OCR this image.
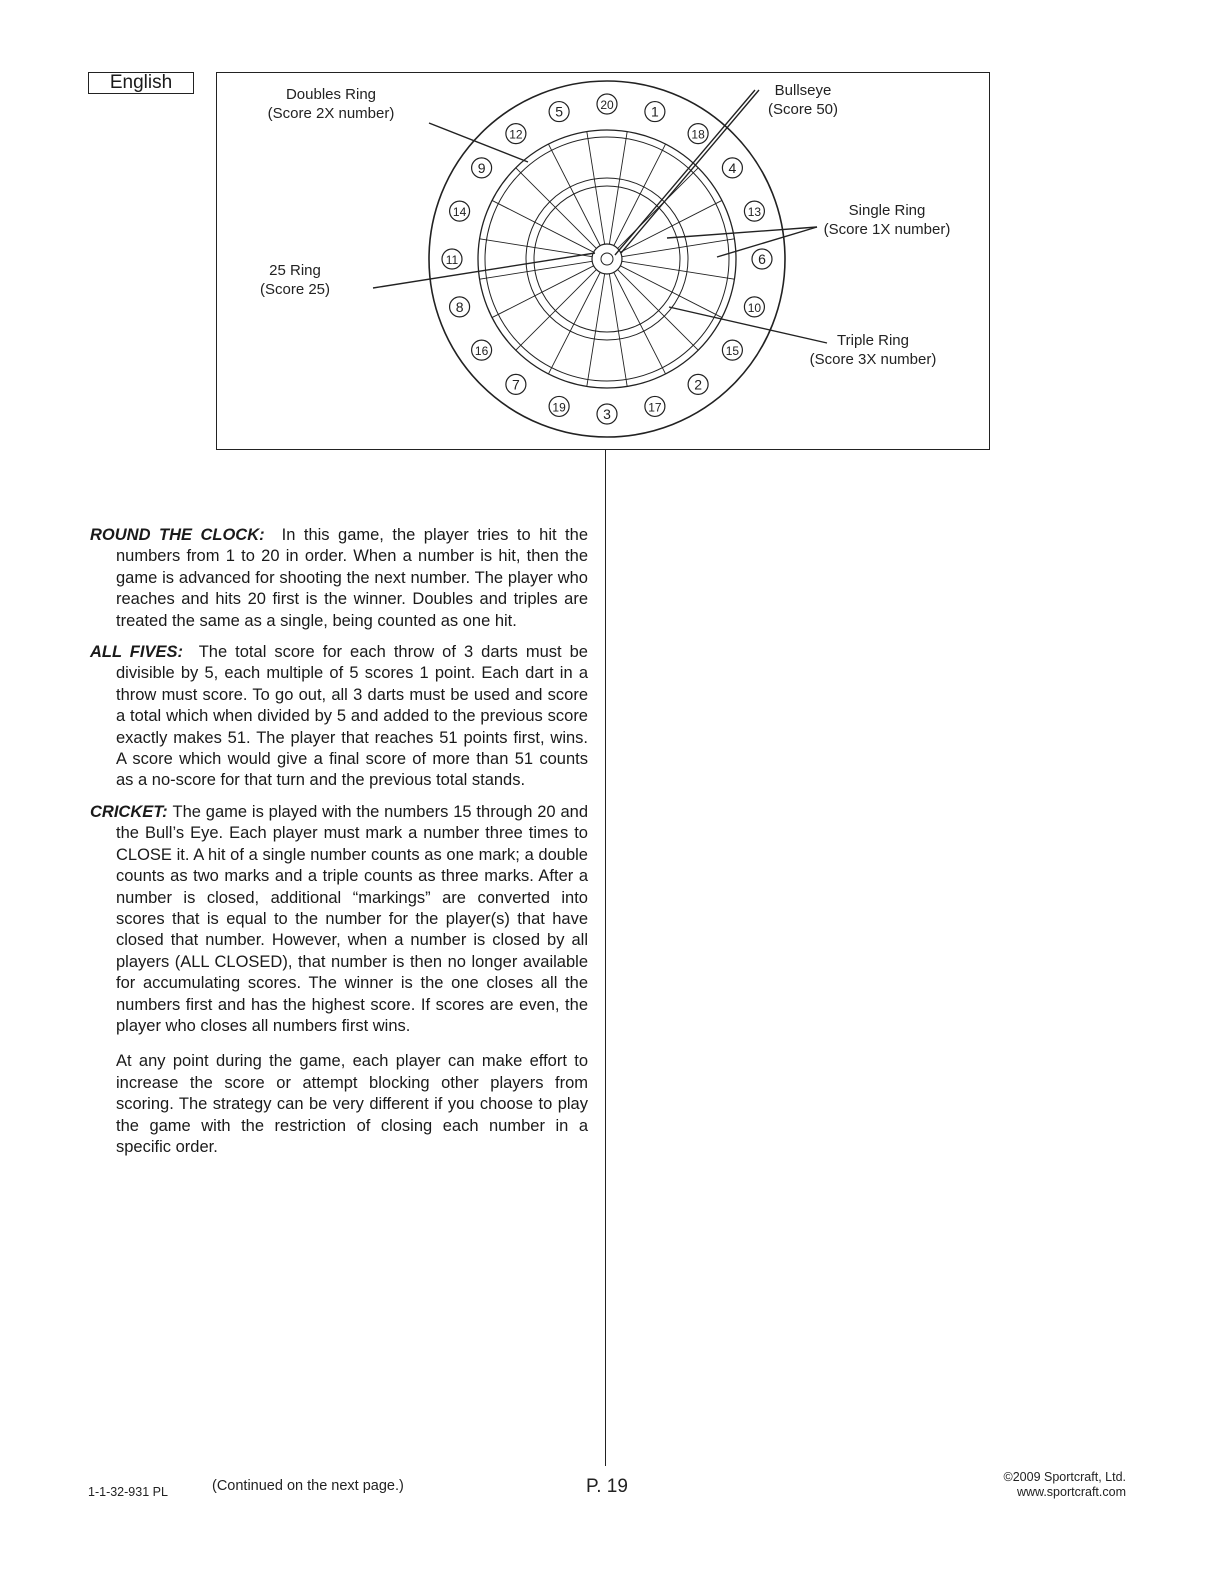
English
20	1
18
4
13
6
10
15
2
17
3
19
7
16
8
11
14
9
12
5
Doubles Ring
(Score 2X number)
Bullseye
(Score 50)
Single Ring
(Score 1X number)
25 Ring
(Score 25)
Triple Ring
(Score 3X number)

ROUND THE CLOCK: In this game, the player tries to hit the numbers from 1 to 20 in order. When a number is hit, then the game is advanced for shooting the next number. The player who reaches and hits 20 first is the winner. Doubles and triples are treated the same as a single, being counted as one hit.

ALL FIVES: The total score for each throw of 3 darts must be divisible by 5, each multiple of 5 scores 1 point. Each dart in a throw must score. To go out, all 3 darts must be used and score a total which when divided by 5 and added to the previous score exactly makes 51. The player that reaches 51 points first, wins. A score which would give a final score of more than 51 counts as a no-score for that turn and the previous total stands.

CRICKET: The game is played with the numbers 15 through 20 and the Bull’s Eye. Each player must mark a number three times to CLOSE it. A hit of a single number counts as one mark; a double counts as two marks and a triple counts as three marks. After a number is closed, additional “markings” are converted into scores that is equal to the number for the player(s) that have closed that number. However, when a number is closed by all players (ALL CLOSED), that number is then no longer available for accumulating scores. The winner is the one closes all the numbers first and has the highest score. If scores are even, the player who closes all numbers first wins.

At any point during the game, each player can make effort to increase the score or attempt blocking other players from scoring. The strategy can be very different if you choose to play the game with the restriction of closing each number in a specific order.

1-1-32-931 PL	(Continued on the next page.)	P. 19	©2009 Sportcraft, Ltd.
www.sportcraft.com
